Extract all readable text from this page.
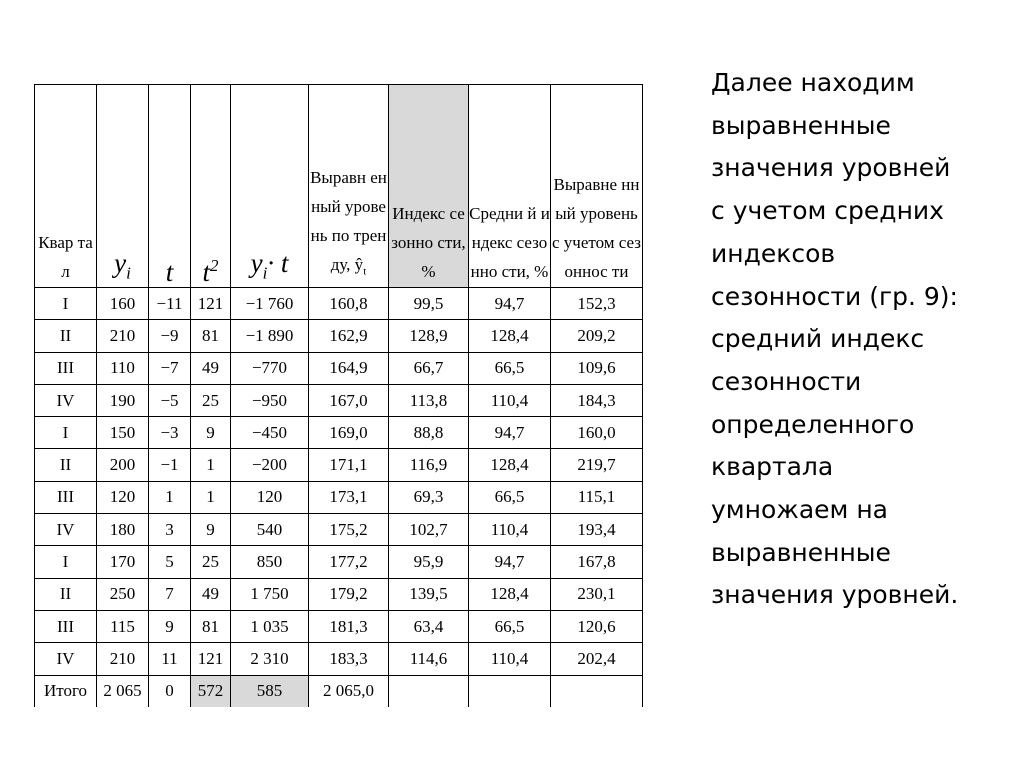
Квар тал	$y_i$	t	$t^2$	$y_i\cdot t$	Выравн енный уровень по тренду, $ŷ_t$	Индекс сезонно сти, %	Средни й индекс сезонно сти, %	Выравне нный уровень с учетом сезоннос ти
I	160	−11	121	−1 760	160,8	99,5	94,7	152,3
II	210	−9	81	−1 890	162,9	128,9	128,4	209,2
III	110	−7	49	−770	164,9	66,7	66,5	109,6
IV	190	−5	25	−950	167,0	113,8	110,4	184,3
I	150	−3	9	−450	169,0	88,8	94,7	160,0
II	200	−1	1	−200	171,1	116,9	128,4	219,7
III	120	1	1	120	173,1	69,3	66,5	115,1
IV	180	3	9	540	175,2	102,7	110,4	193,4
I	170	5	25	850	177,2	95,9	94,7	167,8
II	250	7	49	1 750	179,2	139,5	128,4	230,1
III	115	9	81	1 035	181,3	63,4	66,5	120,6
IV	210	11	121	2 310	183,3	114,6	110,4	202,4
Итого	2 065	0	572	585	2 065,0			
Далее находим
выравненные
значения уровней
с учетом средних
индексов
сезонности (гр. 9):
средний индекс
сезонности
определенного
квартала
умножаем на
выравненные
значения уровней.
